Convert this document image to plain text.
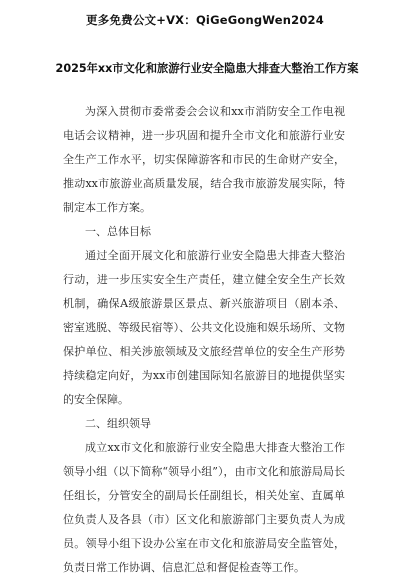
更多免费公文+VX：QiGeGongWen2024
2025年xx市文化和旅游行业安全隐患大排查大整治工作方案

为深入贯彻市委常委会会议和xx市消防安全工作电视电话会议精神，进一步巩固和提升全市文化和旅游行业安全生产工作水平，切实保障游客和市民的生命财产安全，推动xx市旅游业高质量发展，结合我市旅游发展实际，特制定本工作方案。

一、总体目标

通过全面开展文化和旅游行业安全隐患大排查大整治行动，进一步压实安全生产责任，建立健全安全生产长效机制，确保A级旅游景区景点、新兴旅游项目（剧本杀、密室逃脱、等级民宿等）、公共文化设施和娱乐场所、文物保护单位、相关涉旅领域及文旅经营单位的安全生产形势持续稳定向好，为xx市创建国际知名旅游目的地提供坚实的安全保障。

二、组织领导

成立xx市文化和旅游行业安全隐患大排查大整治工作领导小组（以下简称“领导小组”），由市文化和旅游局局长任组长，分管安全的副局长任副组长，相关处室、直属单位负责人及各县（市）区文化和旅游部门主要负责人为成员。领导小组下设办公室在市文化和旅游局安全监管处，负责日常工作协调、信息汇总和督促检查等工作。
